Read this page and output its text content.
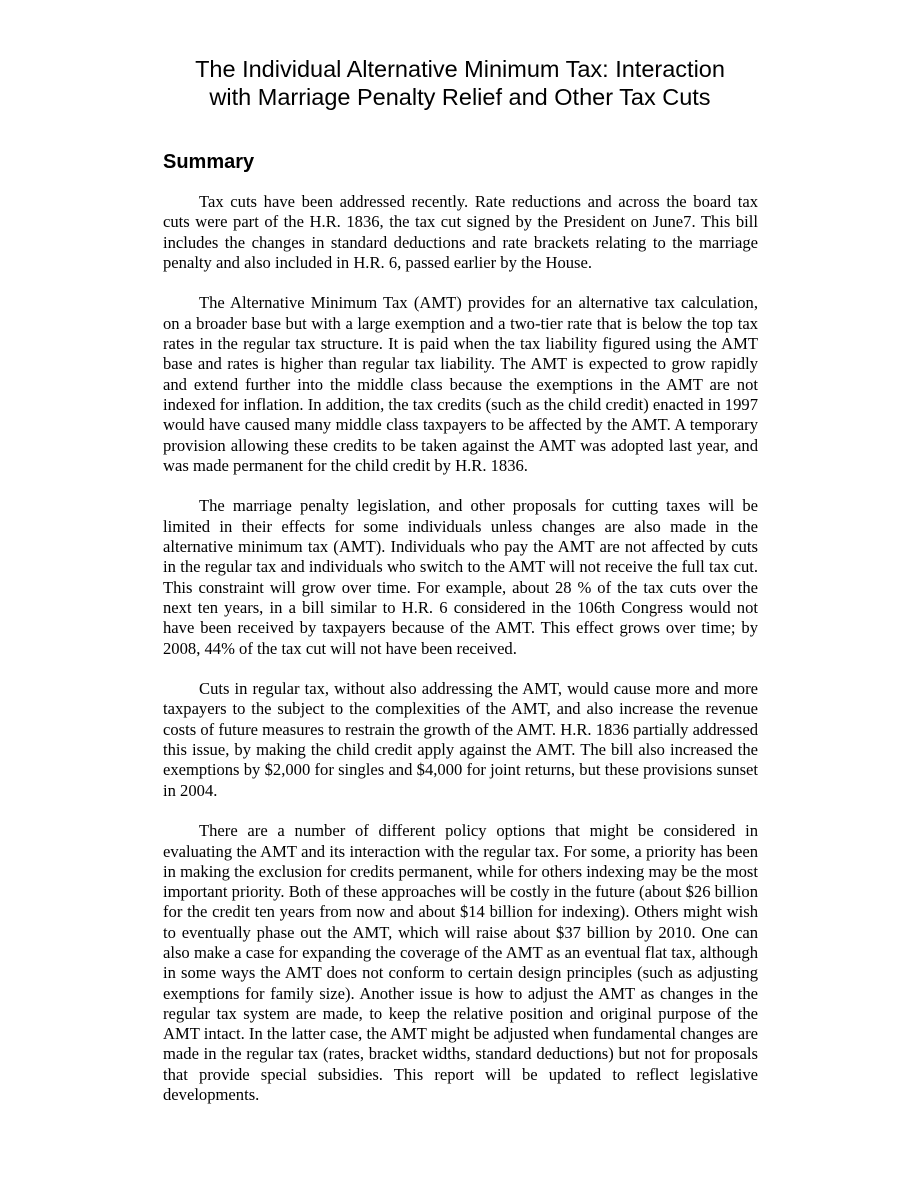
The Individual Alternative Minimum Tax: Interaction
with Marriage Penalty Relief and Other Tax Cuts
Summary

Tax cuts have been addressed recently. Rate reductions and across the board tax cuts were part of the H.R. 1836, the tax cut signed by the President on June7. This bill includes the changes in standard deductions and rate brackets relating to the marriage penalty and also included in H.R. 6, passed earlier by the House.

The Alternative Minimum Tax (AMT) provides for an alternative tax calculation, on a broader base but with a large exemption and a two-tier rate that is below the top tax rates in the regular tax structure. It is paid when the tax liability figured using the AMT base and rates is higher than regular tax liability. The AMT is expected to grow rapidly and extend further into the middle class because the exemptions in the AMT are not indexed for inflation. In addition, the tax credits (such as the child credit) enacted in 1997 would have caused many middle class taxpayers to be affected by the AMT. A temporary provision allowing these credits to be taken against the AMT was adopted last year, and was made permanent for the child credit by H.R. 1836.

The marriage penalty legislation, and other proposals for cutting taxes will be limited in their effects for some individuals unless changes are also made in the alternative minimum tax (AMT). Individuals who pay the AMT are not affected by cuts in the regular tax and individuals who switch to the AMT will not receive the full tax cut. This constraint will grow over time. For example, about 28 % of the tax cuts over the next ten years, in a bill similar to H.R. 6 considered in the 106th Congress would not have been received by taxpayers because of the AMT. This effect grows over time; by 2008, 44% of the tax cut will not have been received.

Cuts in regular tax, without also addressing the AMT, would cause more and more taxpayers to the subject to the complexities of the AMT, and also increase the revenue costs of future measures to restrain the growth of the AMT. H.R. 1836 partially addressed this issue, by making the child credit apply against the AMT. The bill also increased the exemptions by $2,000 for singles and $4,000 for joint returns, but these provisions sunset in 2004.

There are a number of different policy options that might be considered in evaluating the AMT and its interaction with the regular tax. For some, a priority has been in making the exclusion for credits permanent, while for others indexing may be the most important priority. Both of these approaches will be costly in the future (about $26 billion for the credit ten years from now and about $14 billion for indexing). Others might wish to eventually phase out the AMT, which will raise about $37 billion by 2010. One can also make a case for expanding the coverage of the AMT as an eventual flat tax, although in some ways the AMT does not conform to certain design principles (such as adjusting exemptions for family size). Another issue is how to adjust the AMT as changes in the regular tax system are made, to keep the relative position and original purpose of the AMT intact. In the latter case, the AMT might be adjusted when fundamental changes are made in the regular tax (rates, bracket widths, standard deductions) but not for proposals that provide special subsidies. This report will be updated to reflect legislative developments.
